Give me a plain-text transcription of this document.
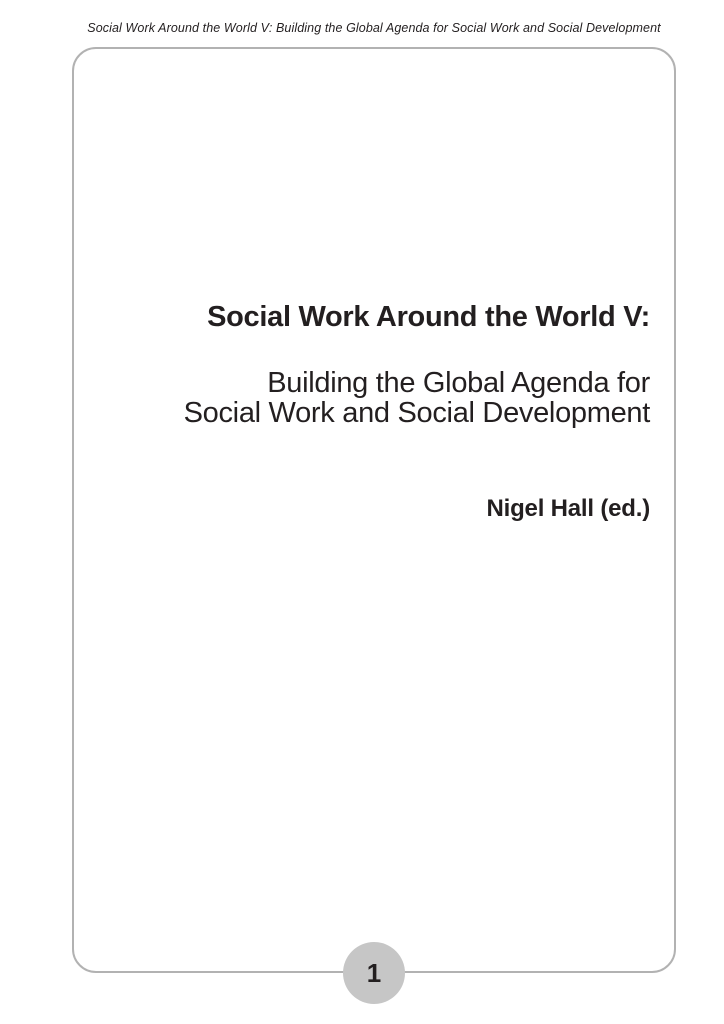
Social Work Around the World V: Building the Global Agenda for Social Work and Social Development
Social Work Around the World V:
Building the Global Agenda for
Social Work and Social Development
Nigel Hall (ed.)
1
